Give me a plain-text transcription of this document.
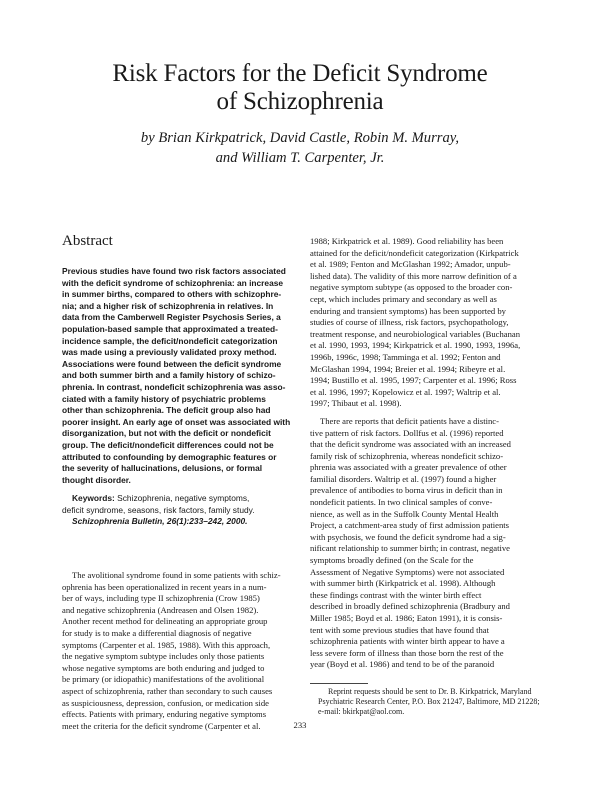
Risk Factors for the Deficit Syndrome
of Schizophrenia
by Brian Kirkpatrick, David Castle, Robin M. Murray,
and William T. Carpenter, Jr.
Abstract
Previous studies have found two risk factors associated
with the deficit syndrome of schizophrenia: an increase
in summer births, compared to others with schizophre-
nia; and a higher risk of schizophrenia in relatives. In
data from the Camberwell Register Psychosis Series, a
population-based sample that approximated a treated-
incidence sample, the deficit/nondeficit categorization
was made using a previously validated proxy method.
Associations were found between the deficit syndrome
and both summer birth and a family history of schizo-
phrenia. In contrast, nondeficit schizophrenia was asso-
ciated with a family history of psychiatric problems
other than schizophrenia. The deficit group also had
poorer insight. An early age of onset was associated with
disorganization, but not with the deficit or nondeficit
group. The deficit/nondeficit differences could not be
attributed to confounding by demographic features or
the severity of hallucinations, delusions, or formal
thought disorder.
Keywords: Schizophrenia, negative symptoms,
deficit syndrome, seasons, risk factors, family study.
Schizophrenia Bulletin, 26(1):233–242, 2000.
The avolitional syndrome found in some patients with schiz-
ophrenia has been operationalized in recent years in a num-
ber of ways, including type II schizophrenia (Crow 1985)
and negative schizophrenia (Andreasen and Olsen 1982).
Another recent method for delineating an appropriate group
for study is to make a differential diagnosis of negative
symptoms (Carpenter et al. 1985, 1988). With this approach,
the negative symptom subtype includes only those patients
whose negative symptoms are both enduring and judged to
be primary (or idiopathic) manifestations of the avolitional
aspect of schizophrenia, rather than secondary to such causes
as suspiciousness, depression, confusion, or medication side
effects. Patients with primary, enduring negative symptoms
meet the criteria for the deficit syndrome (Carpenter et al.
1988; Kirkpatrick et al. 1989). Good reliability has been
attained for the deficit/nondeficit categorization (Kirkpatrick
et al. 1989; Fenton and McGlashan 1992; Amador, unpub-
lished data). The validity of this more narrow definition of a
negative symptom subtype (as opposed to the broader con-
cept, which includes primary and secondary as well as
enduring and transient symptoms) has been supported by
studies of course of illness, risk factors, psychopathology,
treatment response, and neurobiological variables (Buchanan
et al. 1990, 1993, 1994; Kirkpatrick et al. 1990, 1993, 1996a,
1996b, 1996c, 1998; Tamminga et al. 1992; Fenton and
McGlashan 1994, 1994; Breier et al. 1994; Ribeyre et al.
1994; Bustillo et al. 1995, 1997; Carpenter et al. 1996; Ross
et al. 1996, 1997; Kopelowicz et al. 1997; Waltrip et al.
1997; Thibaut et al. 1998).
There are reports that deficit patients have a distinc-
tive pattern of risk factors. Dollfus et al. (1996) reported
that the deficit syndrome was associated with an increased
family risk of schizophrenia, whereas nondeficit schizo-
phrenia was associated with a greater prevalence of other
familial disorders. Waltrip et al. (1997) found a higher
prevalence of antibodies to borna virus in deficit than in
nondeficit patients. In two clinical samples of conve-
nience, as well as in the Suffolk County Mental Health
Project, a catchment-area study of first admission patients
with psychosis, we found the deficit syndrome had a sig-
nificant relationship to summer birth; in contrast, negative
symptoms broadly defined (on the Scale for the
Assessment of Negative Symptoms) were not associated
with summer birth (Kirkpatrick et al. 1998). Although
these findings contrast with the winter birth effect
described in broadly defined schizophrenia (Bradbury and
Miller 1985; Boyd et al. 1986; Eaton 1991), it is consis-
tent with some previous studies that have found that
schizophrenia patients with winter birth appear to have a
less severe form of illness than those born the rest of the
year (Boyd et al. 1986) and tend to be of the paranoid
Reprint requests should be sent to Dr. B. Kirkpatrick, Maryland
Psychiatric Research Center, P.O. Box 21247, Baltimore, MD 21228;
e-mail: bkirkpat@aol.com.
233
